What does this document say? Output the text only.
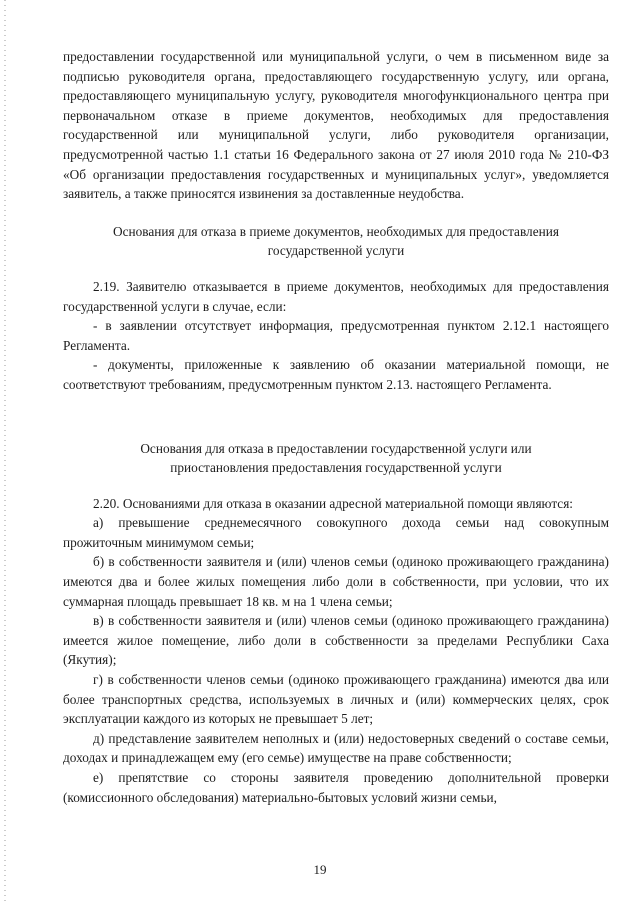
предоставлении государственной или муниципальной услуги, о чем в письменном виде за подписью руководителя органа, предоставляющего государственную услугу, или органа, предоставляющего муниципальную услугу, руководителя многофункционального центра при первоначальном отказе в приеме документов, необходимых для предоставления государственной или муниципальной услуги, либо руководителя организации, предусмотренной частью 1.1 статьи 16 Федерального закона от 27 июля 2010 года № 210-ФЗ «Об организации предоставления государственных и муниципальных услуг», уведомляется заявитель, а также приносятся извинения за доставленные неудобства.

Основания для отказа в приеме документов, необходимых для предоставления государственной услуги

2.19. Заявителю отказывается в приеме документов, необходимых для предоставления государственной услуги в случае, если:

- в заявлении отсутствует информация, предусмотренная пунктом 2.12.1 настоящего Регламента.

- документы, приложенные к заявлению об оказании материальной помощи, не соответствуют требованиям, предусмотренным пунктом 2.13. настоящего Регламента.

Основания для отказа в предоставлении государственной услуги или приостановления предоставления государственной услуги

2.20. Основаниями для отказа в оказании адресной материальной помощи являются:

а) превышение среднемесячного совокупного дохода семьи над совокупным прожиточным минимумом семьи;

б) в собственности заявителя и (или) членов семьи (одиноко проживающего гражданина) имеются два и более жилых помещения либо доли в собственности, при условии, что их суммарная площадь превышает 18 кв. м на 1 члена семьи;

в) в собственности заявителя и (или) членов семьи (одиноко проживающего гражданина) имеется жилое помещение, либо доли в собственности за пределами Республики Саха (Якутия);

г) в собственности членов семьи (одиноко проживающего гражданина) имеются два или более транспортных средства, используемых в личных и (или) коммерческих целях, срок эксплуатации каждого из которых не превышает 5 лет;

д) представление заявителем неполных и (или) недостоверных сведений о составе семьи, доходах и принадлежащем ему (его семье) имуществе на праве собственности;

е) препятствие со стороны заявителя проведению дополнительной проверки (комиссионного обследования) материально-бытовых условий жизни семьи,

19
